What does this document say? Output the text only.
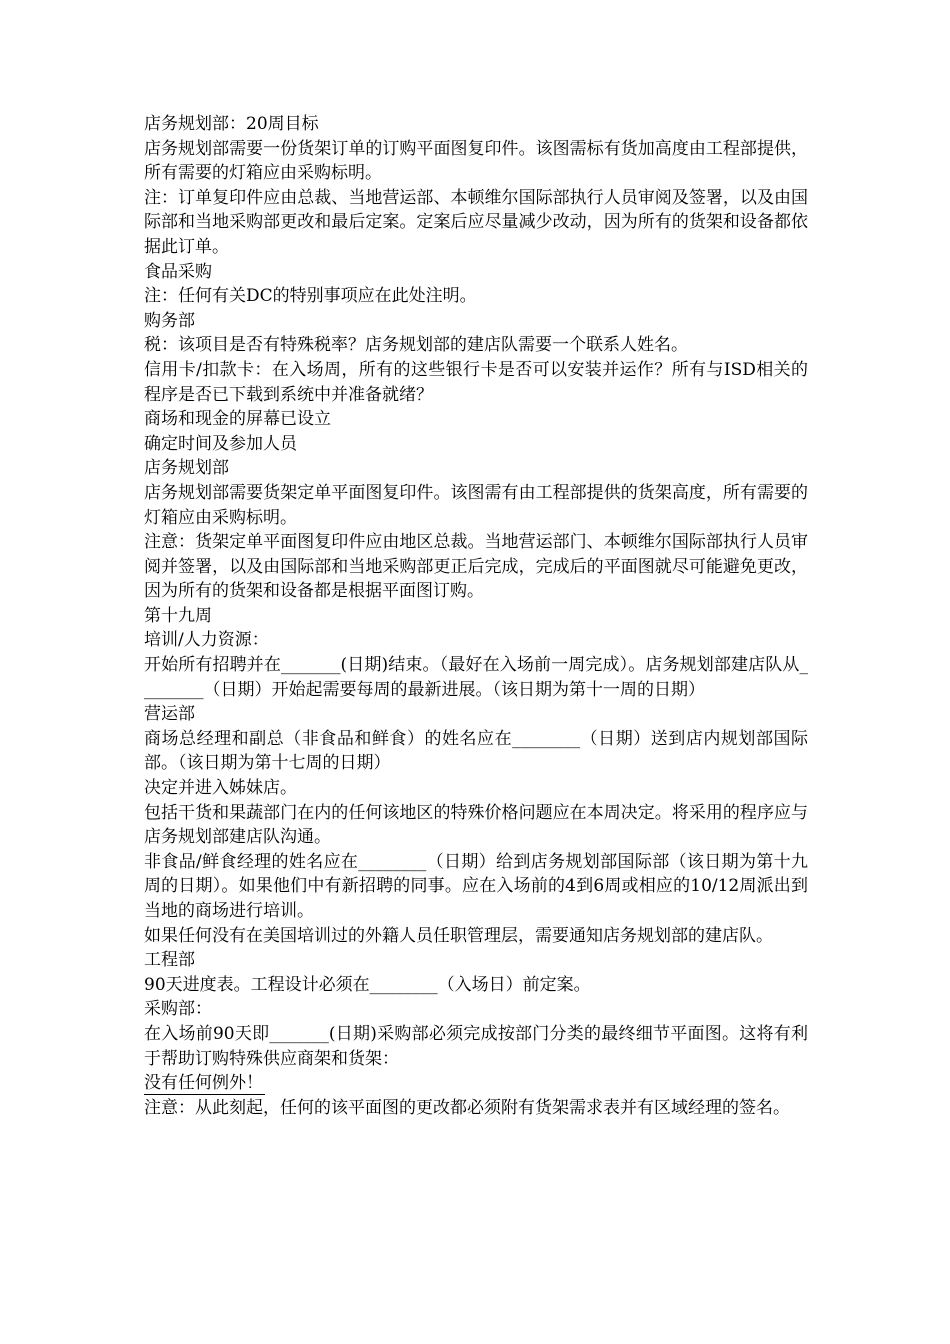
店务规划部：20周目标

店务规划部需要一份货架订单的订购平面图复印件。该图需标有货加高度由工程部提供，所有需要的灯箱应由采购标明。

注：订单复印件应由总裁、当地营运部、本顿维尔国际部执行人员审阅及签署，以及由国际部和当地采购部更改和最后定案。定案后应尽量减少改动，因为所有的货架和设备都依据此订单。

食品采购

注：任何有关DC的特别事项应在此处注明。

购务部

税：该项目是否有特殊税率？店务规划部的建店队需要一个联系人姓名。

信用卡/扣款卡：在入场周，所有的这些银行卡是否可以安装并运作？所有与ISD相关的程序是否已下载到系统中并准备就绪？

商场和现金的屏幕已设立

确定时间及参加人员

店务规划部

店务规划部需要货架定单平面图复印件。该图需有由工程部提供的货架高度，所有需要的灯箱应由采购标明。

注意：货架定单平面图复印件应由地区总裁。当地营运部门、本顿维尔国际部执行人员审阅并签署，以及由国际部和当地采购部更正后完成，完成后的平面图就尽可能避免更改，因为所有的货架和设备都是根据平面图订购。

第十九周

培训/人力资源：

开始所有招聘并在_______(日期)结束。（最好在入场前一周完成）。店务规划部建店队从________（日期）开始起需要每周的最新进展。（该日期为第十一周的日期）

营运部

商场总经理和副总（非食品和鲜食）的姓名应在________（日期）送到店内规划部国际部。（该日期为第十七周的日期）

决定并进入姊妹店。

包括干货和果蔬部门在内的任何该地区的特殊价格问题应在本周决定。将采用的程序应与店务规划部建店队沟通。

非食品/鲜食经理的姓名应在________（日期）给到店务规划部国际部（该日期为第十九周的日期）。如果他们中有新招聘的同事。应在入场前的4到6周或相应的10/12周派出到当地的商场进行培训。

如果任何没有在美国培训过的外籍人员任职管理层，需要通知店务规划部的建店队。

工程部

90天进度表。工程设计必须在________（入场日）前定案。

采购部：

在入场前90天即_______(日期)采购部必须完成按部门分类的最终细节平面图。这将有利于帮助订购特殊供应商架和货架：

没有任何例外！

注意：从此刻起，任何的该平面图的更改都必须附有货架需求表并有区域经理的签名。
